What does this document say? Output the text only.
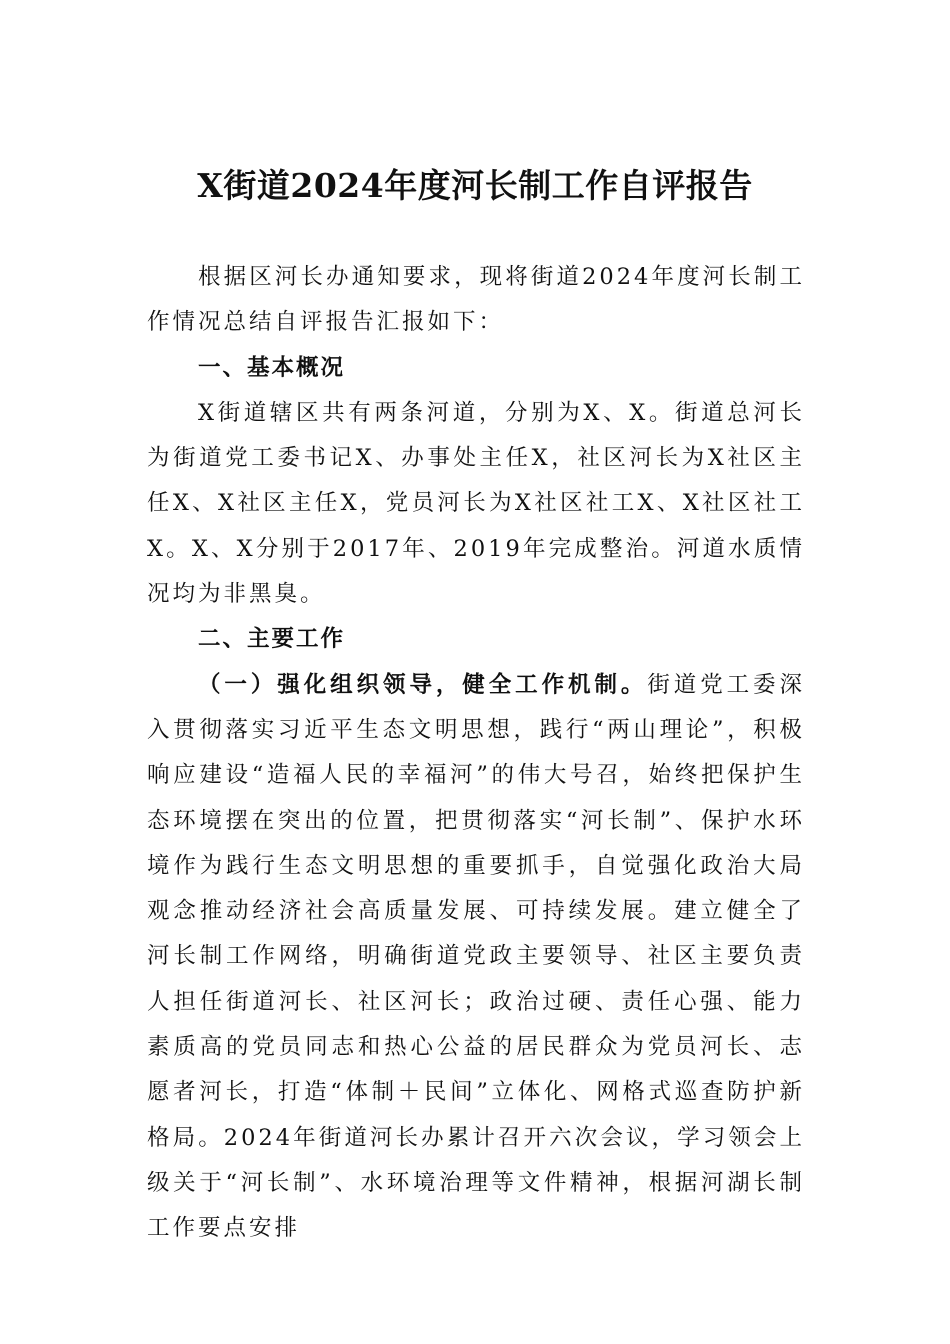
X街道2024年度河长制工作自评报告

根据区河长办通知要求，现将街道2024年度河长制工作情况总结自评报告汇报如下：

一、基本概况

X街道辖区共有两条河道，分别为X、X。街道总河长为街道党工委书记X、办事处主任X，社区河长为X社区主任X、X社区主任X，党员河长为X社区社工X、X社区社工X。X、X分别于2017年、2019年完成整治。河道水质情况均为非黑臭。

二、主要工作

（一）强化组织领导，健全工作机制。街道党工委深入贯彻落实习近平生态文明思想，践行“两山理论”，积极响应建设“造福人民的幸福河”的伟大号召，始终把保护生态环境摆在突出的位置，把贯彻落实“河长制”、保护水环境作为践行生态文明思想的重要抓手，自觉强化政治大局观念推动经济社会高质量发展、可持续发展。建立健全了河长制工作网络，明确街道党政主要领导、社区主要负责人担任街道河长、社区河长；政治过硬、责任心强、能力素质高的党员同志和热心公益的居民群众为党员河长、志愿者河长，打造“体制＋民间”立体化、网格式巡查防护新格局。2024年街道河长办累计召开六次会议，学习领会上级关于“河长制”、水环境治理等文件精神，根据河湖长制工作要点安排
